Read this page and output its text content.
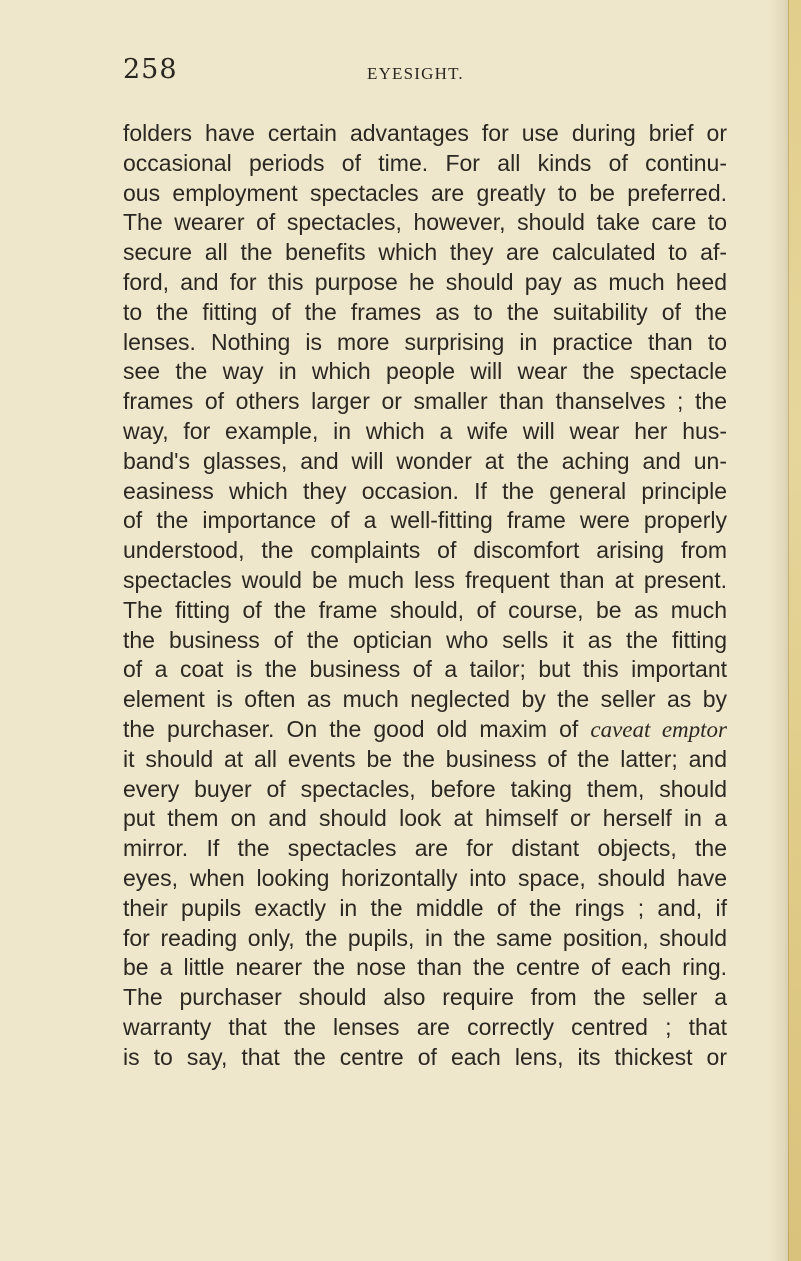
258	EYESIGHT.
folders have certain advantages for use during brief or
occasional periods of time. For all kinds of continu-
ous employment spectacles are greatly to be preferred.
The wearer of spectacles, however, should take care to
secure all the benefits which they are calculated to af-
ford, and for this purpose he should pay as much heed
to the fitting of the frames as to the suitability of the
lenses. Nothing is more surprising in practice than to
see the way in which people will wear the spectacle
frames of others larger or smaller than thanselves ; the
way, for example, in which a wife will wear her hus-
band's glasses, and will wonder at the aching and un-
easiness which they occasion. If the general principle
of the importance of a well-fitting frame were properly
understood, the complaints of discomfort arising from
spectacles would be much less frequent than at present.
The fitting of the frame should, of course, be as much
the business of the optician who sells it as the fitting
of a coat is the business of a tailor; but this important
element is often as much neglected by the seller as by
the purchaser. On the good old maxim of caveat emptor
it should at all events be the business of the latter; and
every buyer of spectacles, before taking them, should
put them on and should look at himself or herself in a
mirror. If the spectacles are for distant objects, the
eyes, when looking horizontally into space, should have
their pupils exactly in the middle of the rings ; and, if
for reading only, the pupils, in the same position, should
be a little nearer the nose than the centre of each ring.
The purchaser should also require from the seller a
warranty that the lenses are correctly centred ; that
is to say, that the centre of each lens, its thickest or
